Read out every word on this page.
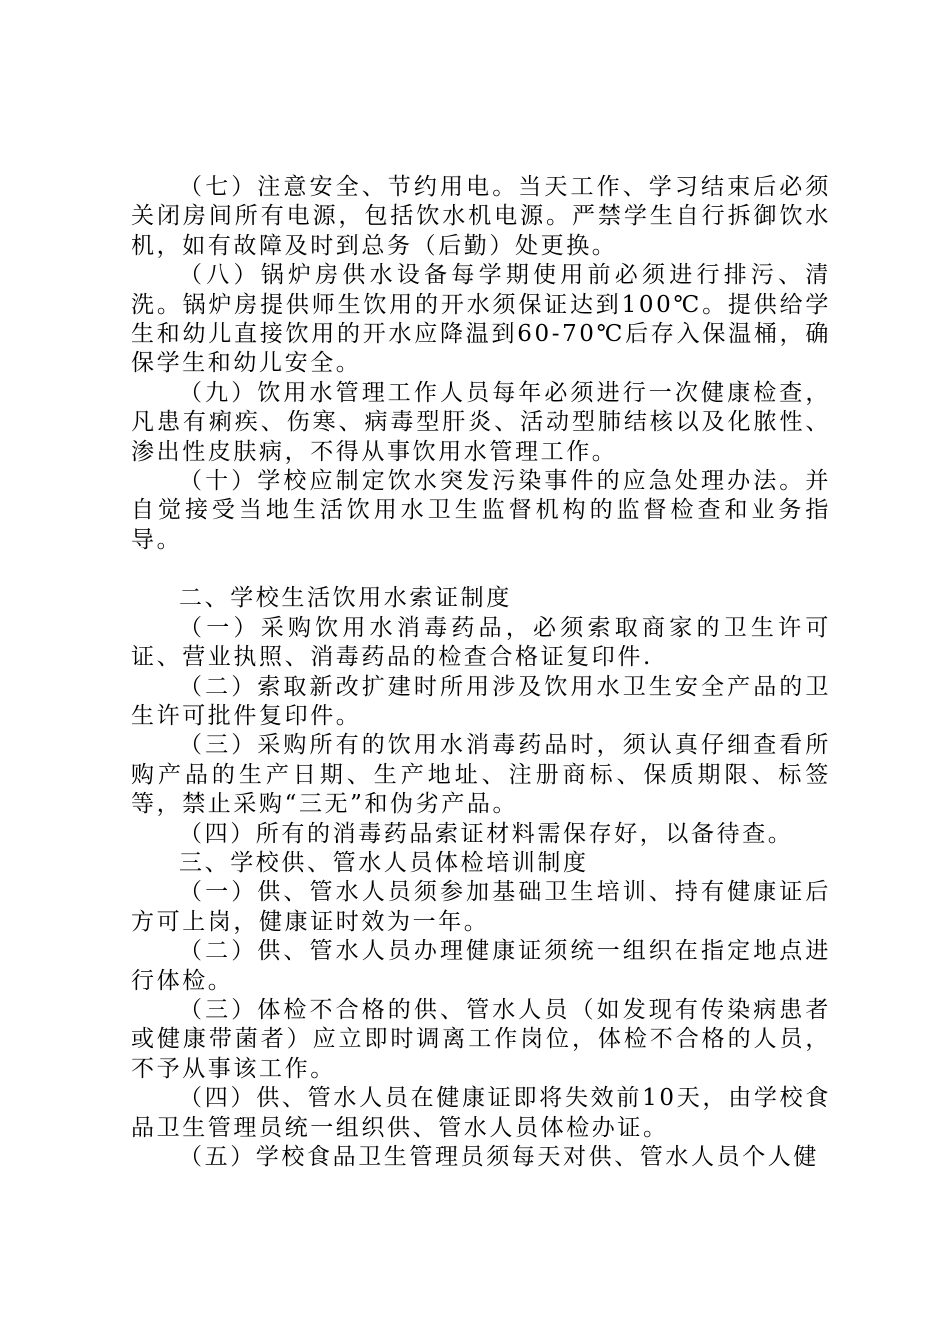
（七）注意安全、节约用电。当天工作、学习结束后必须关闭房间所有电源，包括饮水机电源。严禁学生自行拆御饮水机，如有故障及时到总务（后勤）处更换。

（八）锅炉房供水设备每学期使用前必须进行排污、清洗。锅炉房提供师生饮用的开水须保证达到100℃。提供给学生和幼儿直接饮用的开水应降温到60-70℃后存入保温桶，确保学生和幼儿安全。

（九）饮用水管理工作人员每年必须进行一次健康检查，凡患有痢疾、伤寒、病毒型肝炎、活动型肺结核以及化脓性、渗出性皮肤病，不得从事饮用水管理工作。

（十）学校应制定饮水突发污染事件的应急处理办法。并自觉接受当地生活饮用水卫生监督机构的监督检查和业务指导。

二、学校生活饮用水索证制度

（一）采购饮用水消毒药品，必须索取商家的卫生许可证、营业执照、消毒药品的检查合格证复印件.

（二）索取新改扩建时所用涉及饮用水卫生安全产品的卫生许可批件复印件。

（三）采购所有的饮用水消毒药品时，须认真仔细查看所购产品的生产日期、生产地址、注册商标、保质期限、标签等，禁止采购“三无”和伪劣产品。

（四）所有的消毒药品索证材料需保存好，以备待查。

三、学校供、管水人员体检培训制度

（一）供、管水人员须参加基础卫生培训、持有健康证后方可上岗，健康证时效为一年。

（二）供、管水人员办理健康证须统一组织在指定地点进行体检。

（三）体检不合格的供、管水人员（如发现有传染病患者或健康带菌者）应立即时调离工作岗位，体检不合格的人员，不予从事该工作。

（四）供、管水人员在健康证即将失效前10天，由学校食品卫生管理员统一组织供、管水人员体检办证。

（五）学校食品卫生管理员须每天对供、管水人员个人健
